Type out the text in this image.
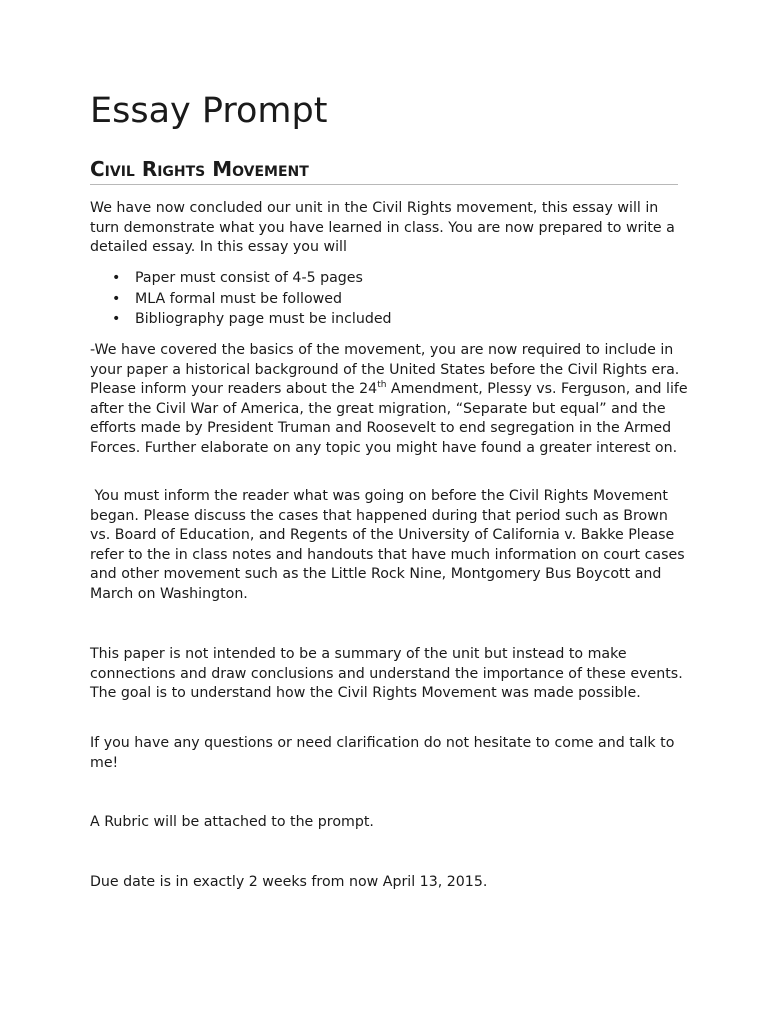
Essay Prompt
Civil Rights Movement

We have now concluded our unit in the Civil Rights movement, this essay will in turn demonstrate what you have learned in class. You are now prepared to write a detailed essay. In this essay you will

• Paper must consist of 4-5 pages
• MLA formal must be followed
• Bibliography page must be included

-We have covered the basics of the movement, you are now required to include in your paper a historical background of the United States before the Civil Rights era. Please inform your readers about the 24th Amendment, Plessy vs. Ferguson, and life after the Civil War of America, the great migration, “Separate but equal” and the efforts made by President Truman and Roosevelt to end segregation in the Armed Forces. Further elaborate on any topic you might have found a greater interest on.

You must inform the reader what was going on before the Civil Rights Movement began. Please discuss the cases that happened during that period such as Brown vs. Board of Education, and Regents of the University of California v. Bakke Please refer to the in class notes and handouts that have much information on court cases and other movement such as the Little Rock Nine, Montgomery Bus Boycott and March on Washington.

This paper is not intended to be a summary of the unit but instead to make connections and draw conclusions and understand the importance of these events.  The goal is to understand how the Civil Rights Movement was made possible.

If you have any questions or need clarification do not hesitate to come and talk to me!

A Rubric will be attached to the prompt.

Due date is in exactly 2 weeks from now April 13, 2015.
